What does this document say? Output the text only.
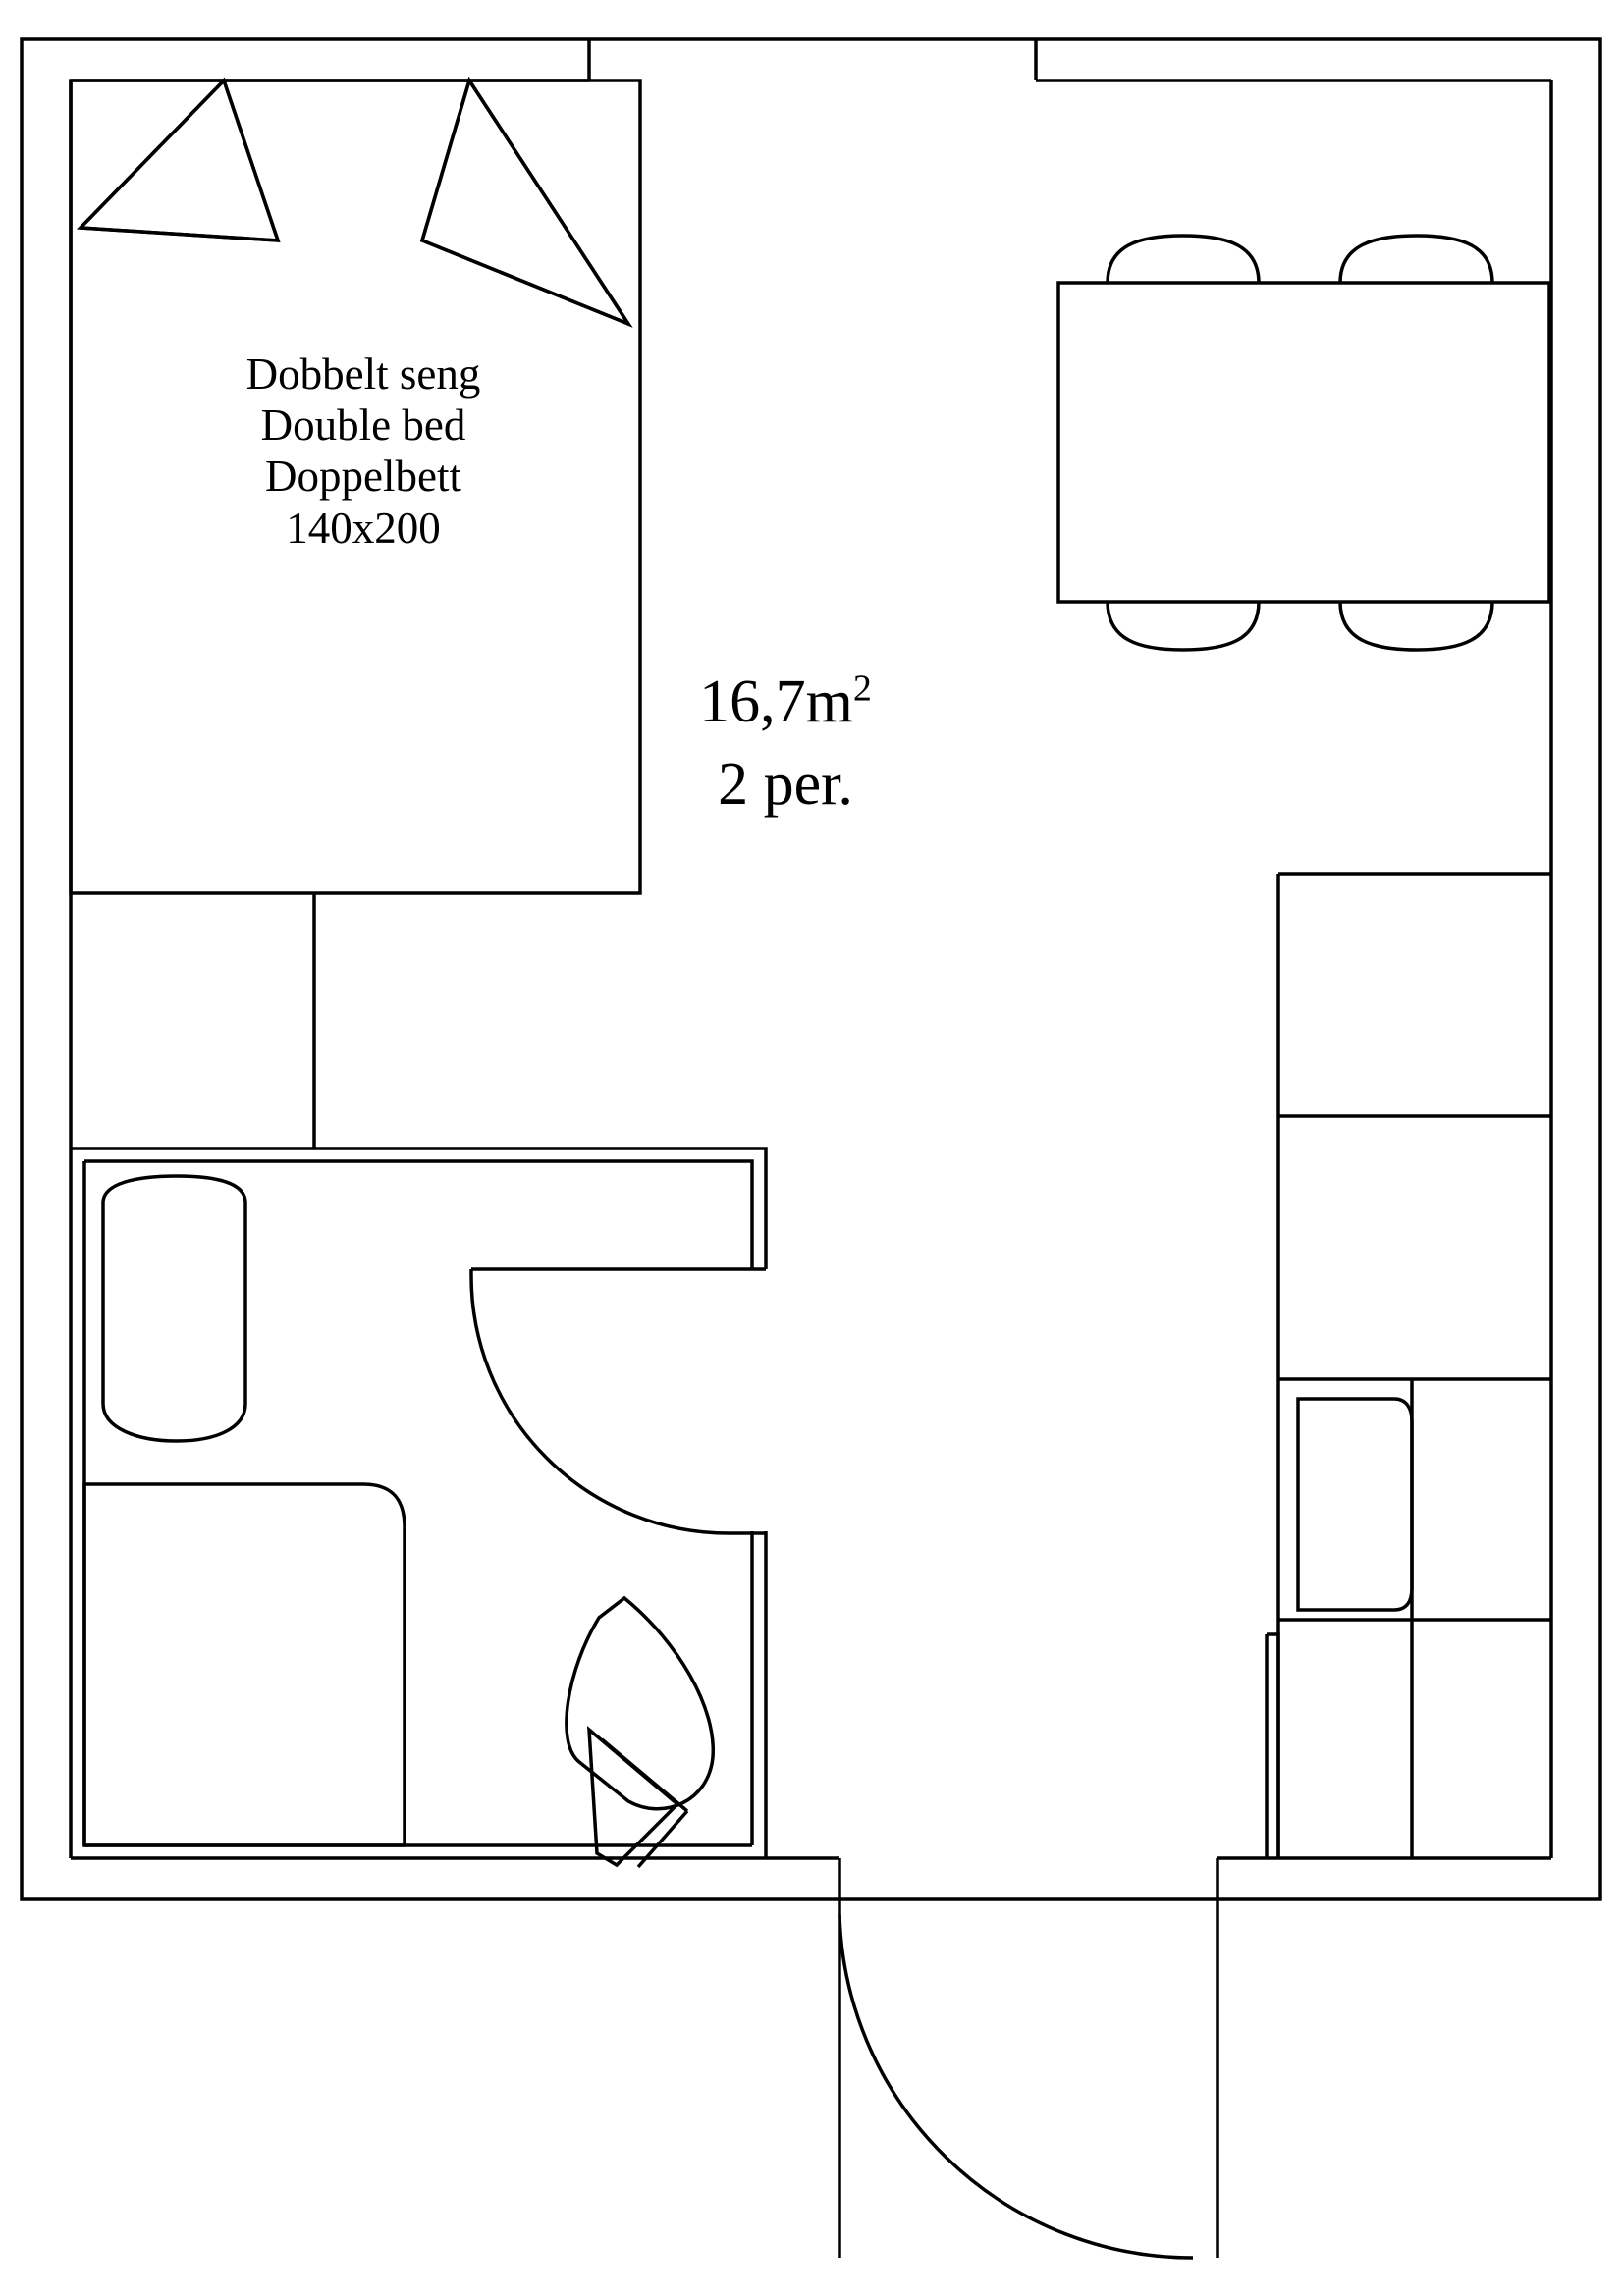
Dobbelt seng
Double bed
Doppelbett
140x200
$16,7m^2$
2 per.
